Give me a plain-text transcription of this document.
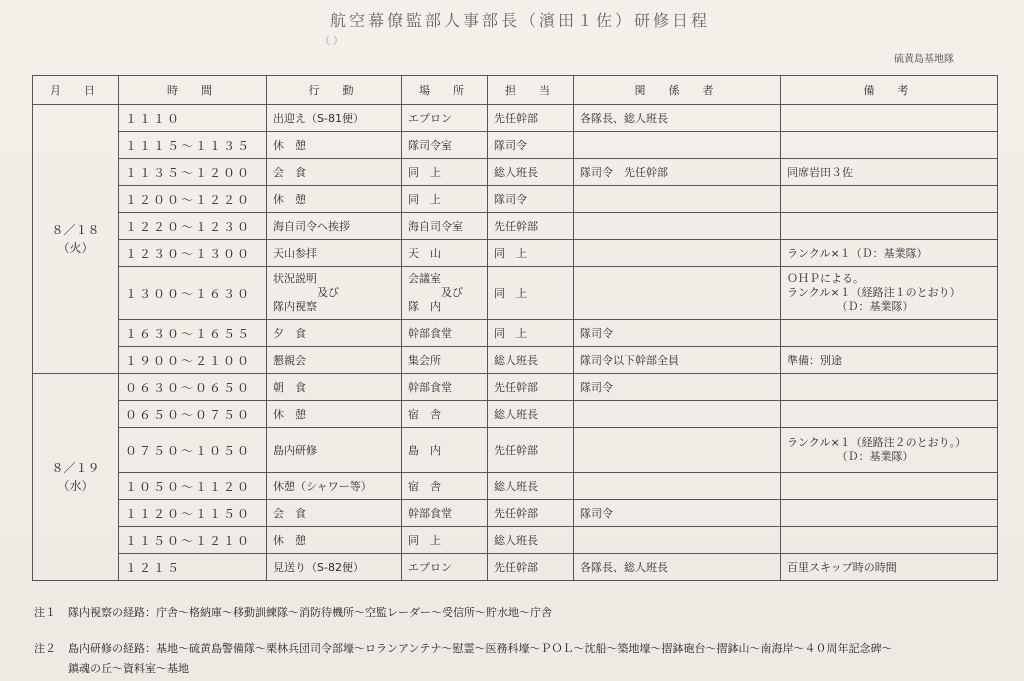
航空幕僚監部人事部長（濱田１佐）研修日程
（ ）
硫黄島基地隊
月　日	時　間	行　動	場　所	担　当	関　係　者	備　考

８／１８
（火）	１１１０	出迎え（S-81便）	エプロン	先任幹部	各隊長、総人班長	
	１１１５～１１３５	休　憩	隊司令室	隊司令		
	１１３５～１２００	会　食	同　上	総人班長	隊司令　先任幹部	同席岩田３佐
	１２００～１２２０	休　憩	同　上	隊司令		
	１２２０～１２３０	海自司令へ挨拶	海自司令室	先任幹部		
	１２３０～１３００	天山参拝	天　山	同　上		ランクル×１（Ｄ：基業隊）
	１３００～１６３０	状況説明
　　　　及び
隊内視察	会議室
　　　及び
隊　内	同　上		ＯＨＰによる。
ランクル×１（経路注１のとおり）
　　　　　（Ｄ：基業隊）
	１６３０～１６５５	夕　食	幹部食堂	同　上	隊司令	
	１９００～２１００	懇親会	集会所	総人班長	隊司令以下幹部全員	準備：別途

８／１９
（水）	０６３０～０６５０	朝　食	幹部食堂	先任幹部	隊司令	
	０６５０～０７５０	休　憩	宿　舎	総人班長		
	０７５０～１０５０	島内研修	島　内	先任幹部		ランクル×１（経路注２のとおり。）
　　　　　（Ｄ：基業隊）
	１０５０～１１２０	休憩（シャワー等）	宿　舎	総人班長		
	１１２０～１１５０	会　食	幹部食堂	先任幹部	隊司令	
	１１５０～１２１０	休　憩	同　上	総人班長		
	１２１５	見送り（S-82便）	エプロン	先任幹部	各隊長、総人班長	百里スキップ時の時間
注１ 隊内視察の経路：庁舎～格納庫～移動訓練隊～消防待機所～空監レーダー～受信所～貯水地～庁舎
注２ 島内研修の経路：基地～硫黄島警備隊～栗林兵団司令部壕～ロランアンテナ～慰霊～医務科壕～ＰＯＬ～沈船～築地壕～摺鉢砲台～摺鉢山～南海岸～４０周年記念碑～
鎮魂の丘～資料室～基地
